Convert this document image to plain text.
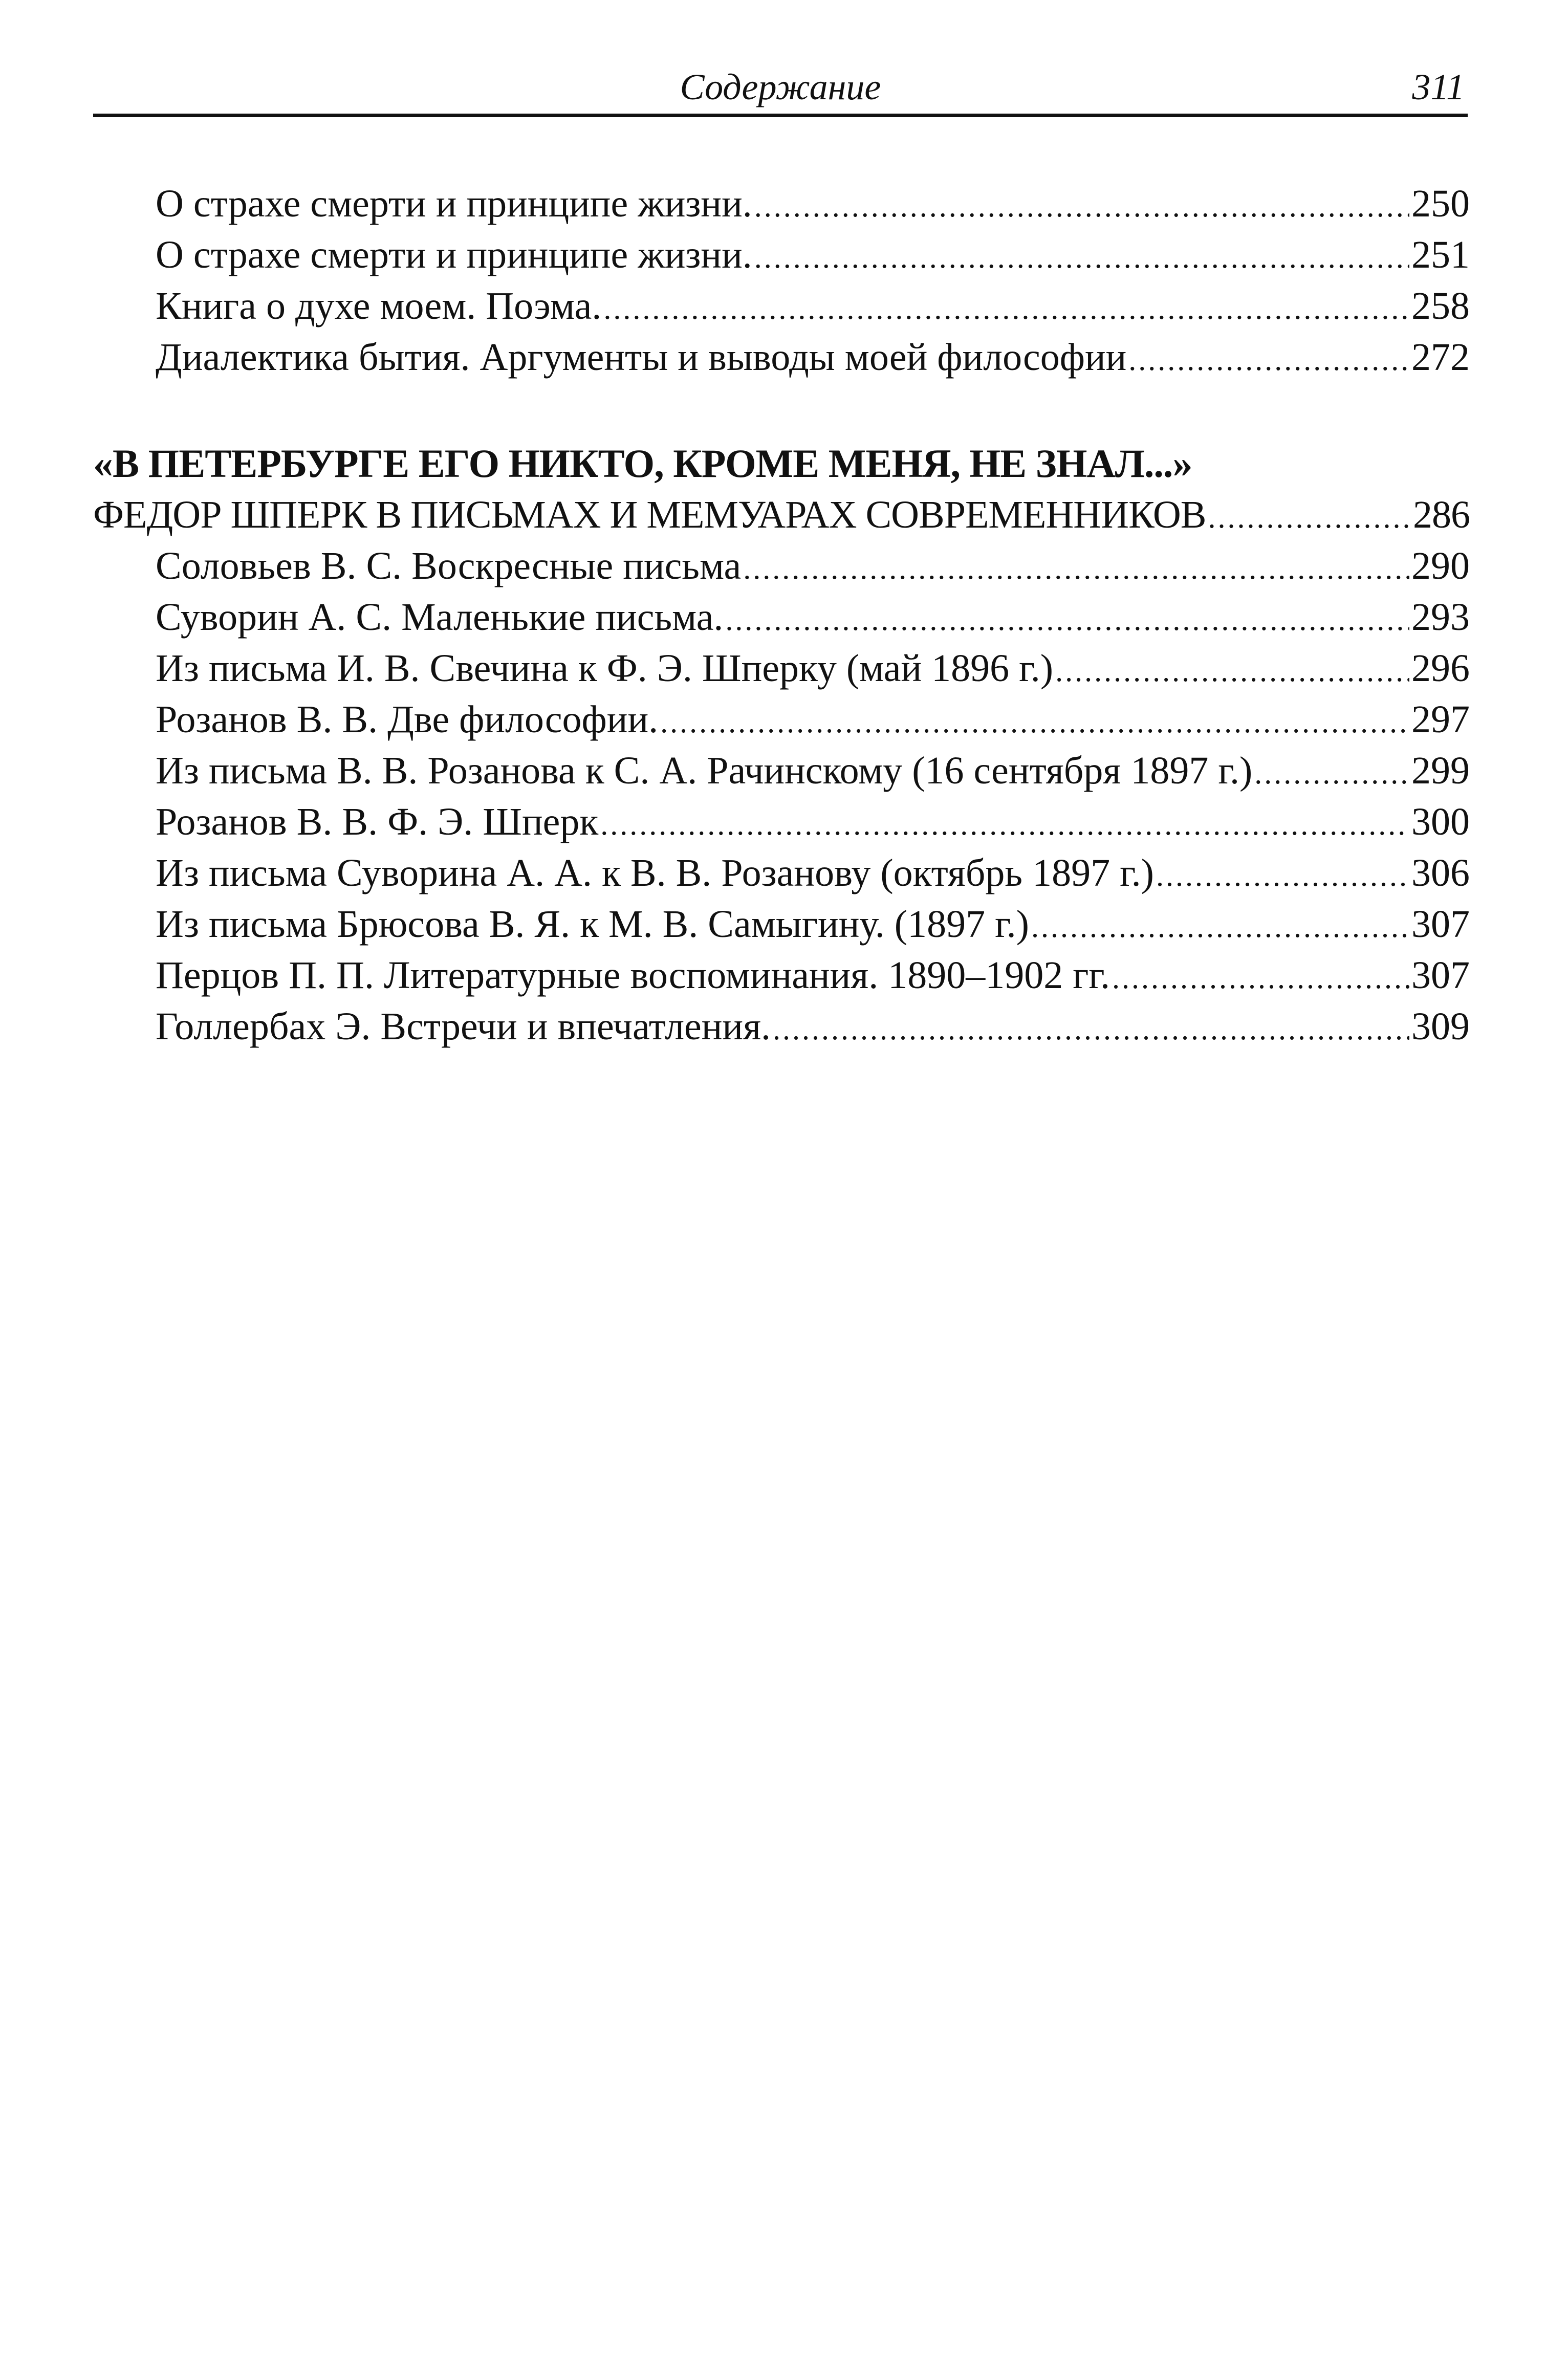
Содержание	311
О страхе смерти и принципе жизни. .....	250
О страхе смерти и принципе жизни. .....	251
Книга о духе моем. Поэма. .....	258
Диалектика бытия. Аргументы и выводы моей философии .....	272
«В ПЕТЕРБУРГЕ ЕГО НИКТО, КРОМЕ МЕНЯ, НЕ ЗНАЛ...»
ФЕДОР ШПЕРК В ПИСЬМАХ И МЕМУАРАХ СОВРЕМЕННИКОВ .....	286
Соловьев В. С. Воскресные письма .....	290
Суворин А. С. Маленькие письма. .....	293
Из письма И. В. Свечина к Ф. Э. Шперку (май 1896 г.) .....	296
Розанов В. В. Две философии. .....	297
Из письма В. В. Розанова к С. А. Рачинскому (16 сентября 1897 г.) .....	299
Розанов В. В. Ф. Э. Шперк .....	300
Из письма Суворина А. А. к В. В. Розанову (октябрь 1897 г.) .....	306
Из письма Брюсова В. Я. к М. В. Самыгину. (1897 г.) .....	307
Перцов П. П. Литературные воспоминания. 1890–1902 гг. .....	307
Голлербах Э. Встречи и впечатления. .....	309
